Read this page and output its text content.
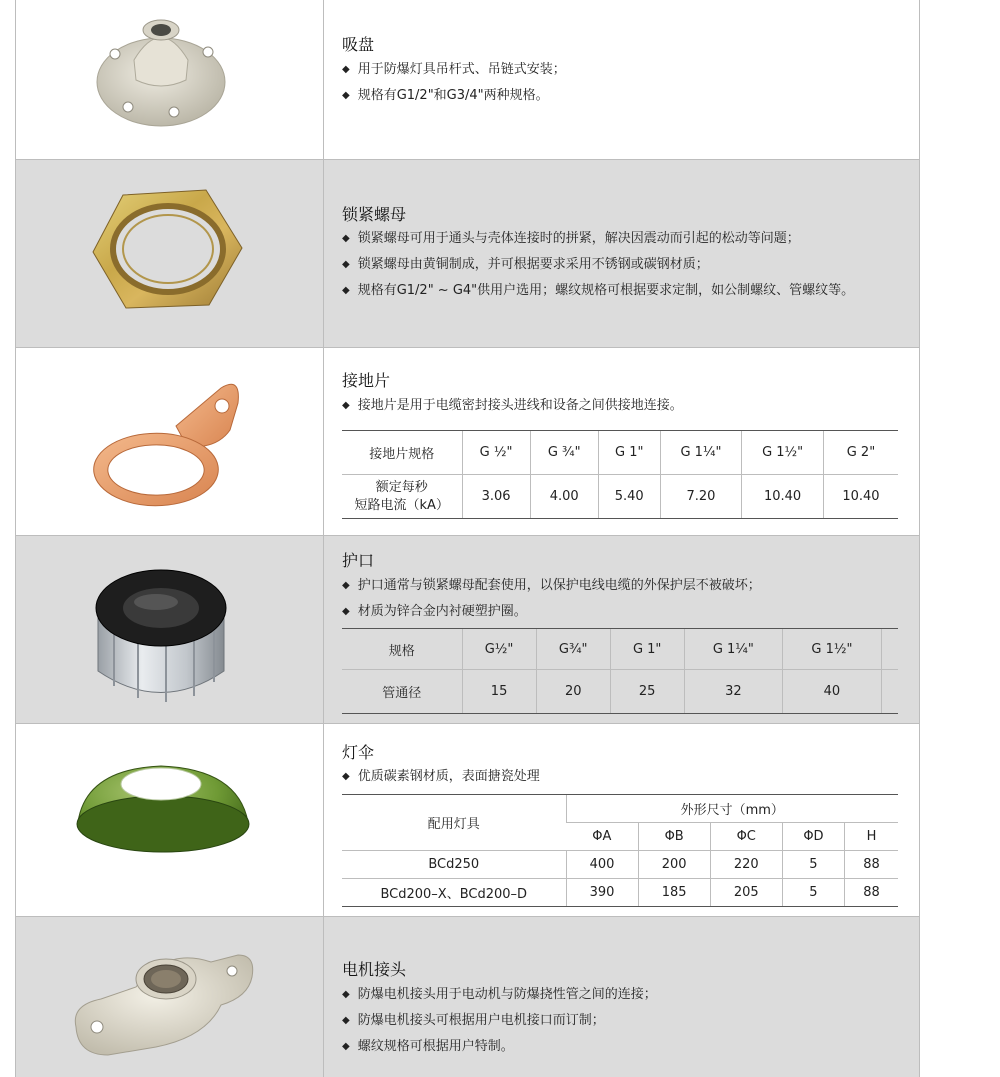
吸盘
◆ 用于防爆灯具吊杆式、吊链式安装；
◆ 规格有G1/2"和G3/4"两种规格。
锁紧螺母
◆ 锁紧螺母可用于通头与壳体连接时的拼紧，解决因震动而引起的松动等问题；
◆ 锁紧螺母由黄铜制成，并可根据要求采用不锈钢或碳钢材质；
◆ 规格有G1/2" ~ G4"供用户选用；螺纹规格可根据要求定制，如公制螺纹、管螺纹等。
接地片
◆ 接地片是用于电缆密封接头进线和设备之间供接地连接。
接地片规格	G ½"	G ¾"	G 1"	G 1¼"	G 1½"	G 2"

额定每秒
短路电流（kA）	3.06	4.00	5.40	7.20	10.40	10.40
护口
◆ 护口通常与锁紧螺母配套使用，以保护电线电缆的外保护层不被破坏；
◆ 材质为锌合金内衬硬塑护圈。
规格	G½"	G¾"	G 1"	G 1¼"	G 1½"	
管通径	15	20	25	32	40	
灯伞
◆ 优质碳素钢材质，表面搪瓷处理
配用灯具	外形尺寸（mm）				
	ΦA	ΦB	ΦC	ΦD	H
BCd250	400	200	220	5	88
BCd200–X、BCd200–D	390	185	205	5	88
电机接头
◆ 防爆电机接头用于电动机与防爆挠性管之间的连接；
◆ 防爆电机接头可根据用户电机接口而订制；
◆ 螺纹规格可根据用户特制。
